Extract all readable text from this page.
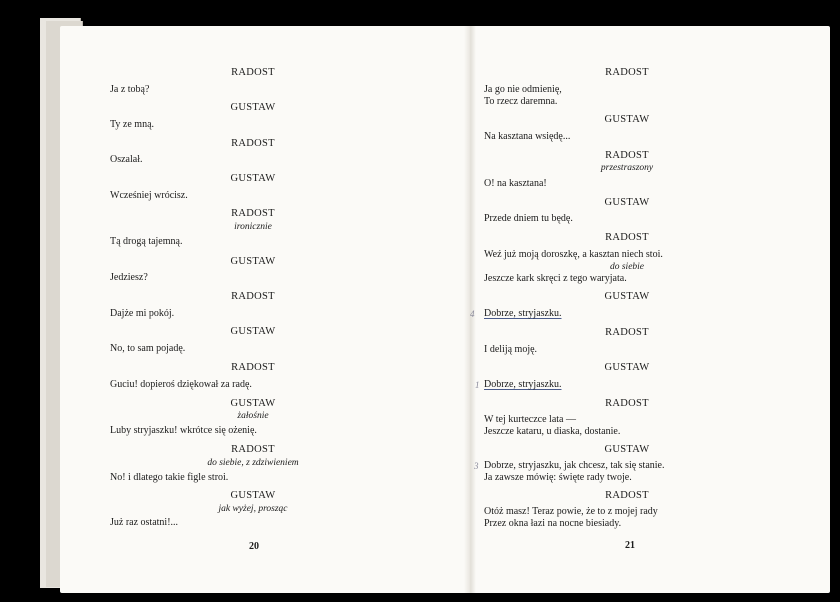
RADOST
Ja z tobą?
GUSTAW
Ty ze mną.
RADOST
Oszalał.
GUSTAW
Wcześniej wrócisz.
RADOST
ironicznie
Tą drogą tajemną.
GUSTAW
Jedziesz?
RADOST
Dajże mi pokój.
GUSTAW
No, to sam pojadę.
RADOST
Guciu! dopieroś dziękował za radę.
GUSTAW
żałośnie
Luby stryjaszku! wkrótce się ożenię.
RADOST
do siebie, z zdziwieniem
No! i dlatego takie figle stroi.
GUSTAW
jak wyżej, prosząc
Już raz ostatni!...
20
RADOST
Ja go nie odmienię,
To rzecz daremna.
GUSTAW
Na kasztana wsiędę...
RADOST
przestraszony
O! na kasztana!
GUSTAW
Przede dniem tu będę.
RADOST
Weź już moją doroszkę, a kasztan niech stoi.
do siebie
Jeszcze kark skręci z tego waryjata.
GUSTAW
4 Dobrze, stryjaszku.
RADOST
I deliją moję.
GUSTAW
1 Dobrze, stryjaszku.
RADOST
W tej kurteczce lata —
Jeszcze kataru, u diaska, dostanie.
GUSTAW
3 Dobrze, stryjaszku, jak chcesz, tak się stanie.
Ja zawsze mówię: święte rady twoje.
RADOST
Otóż masz! Teraz powie, że to z mojej rady
Przez okna łazi na nocne biesiady.
21
